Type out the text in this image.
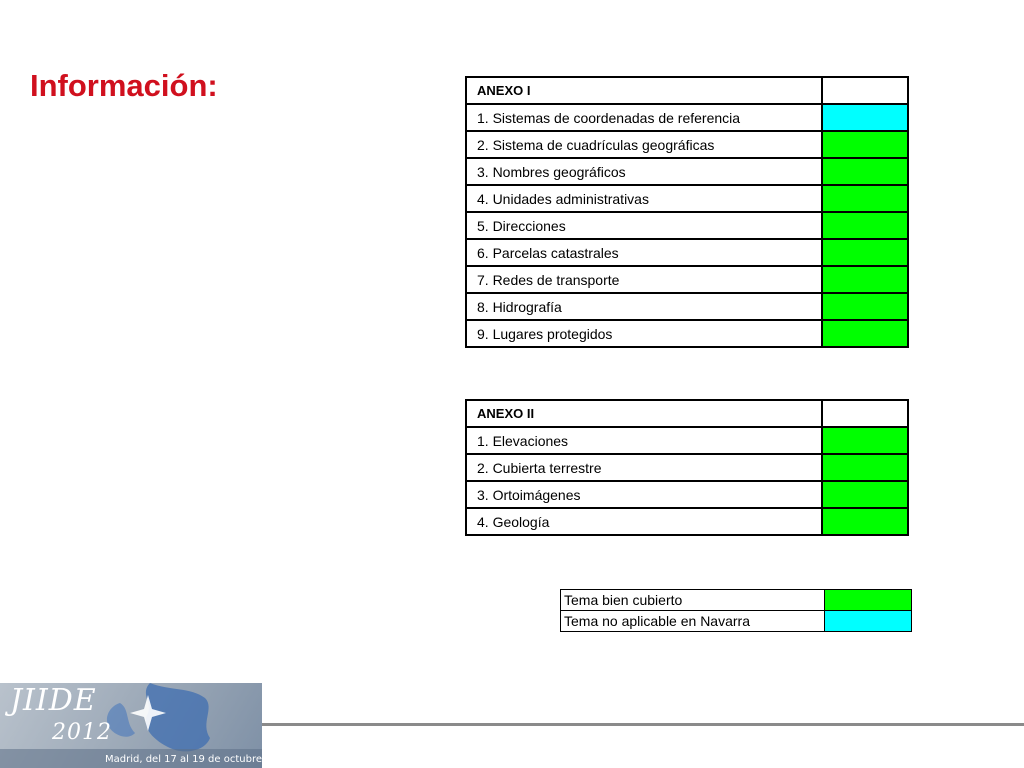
Información:	ANEXO I	
1. Sistemas de coordenadas de referencia	
2. Sistema de cuadrículas geográficas	
3. Nombres geográficos	
4. Unidades administrativas	
5. Direcciones	
6. Parcelas catastrales	
7. Redes de transporte	
8. Hidrografía	
9. Lugares protegidos	
ANEXO II	
1. Elevaciones	
2. Cubierta terrestre	
3. Ortoimágenes	
4. Geología	
Tema bien cubierto	
Tema no aplicable en Navarra	
JIIDE
2012
Madrid, del 17 al 19 de octubre
